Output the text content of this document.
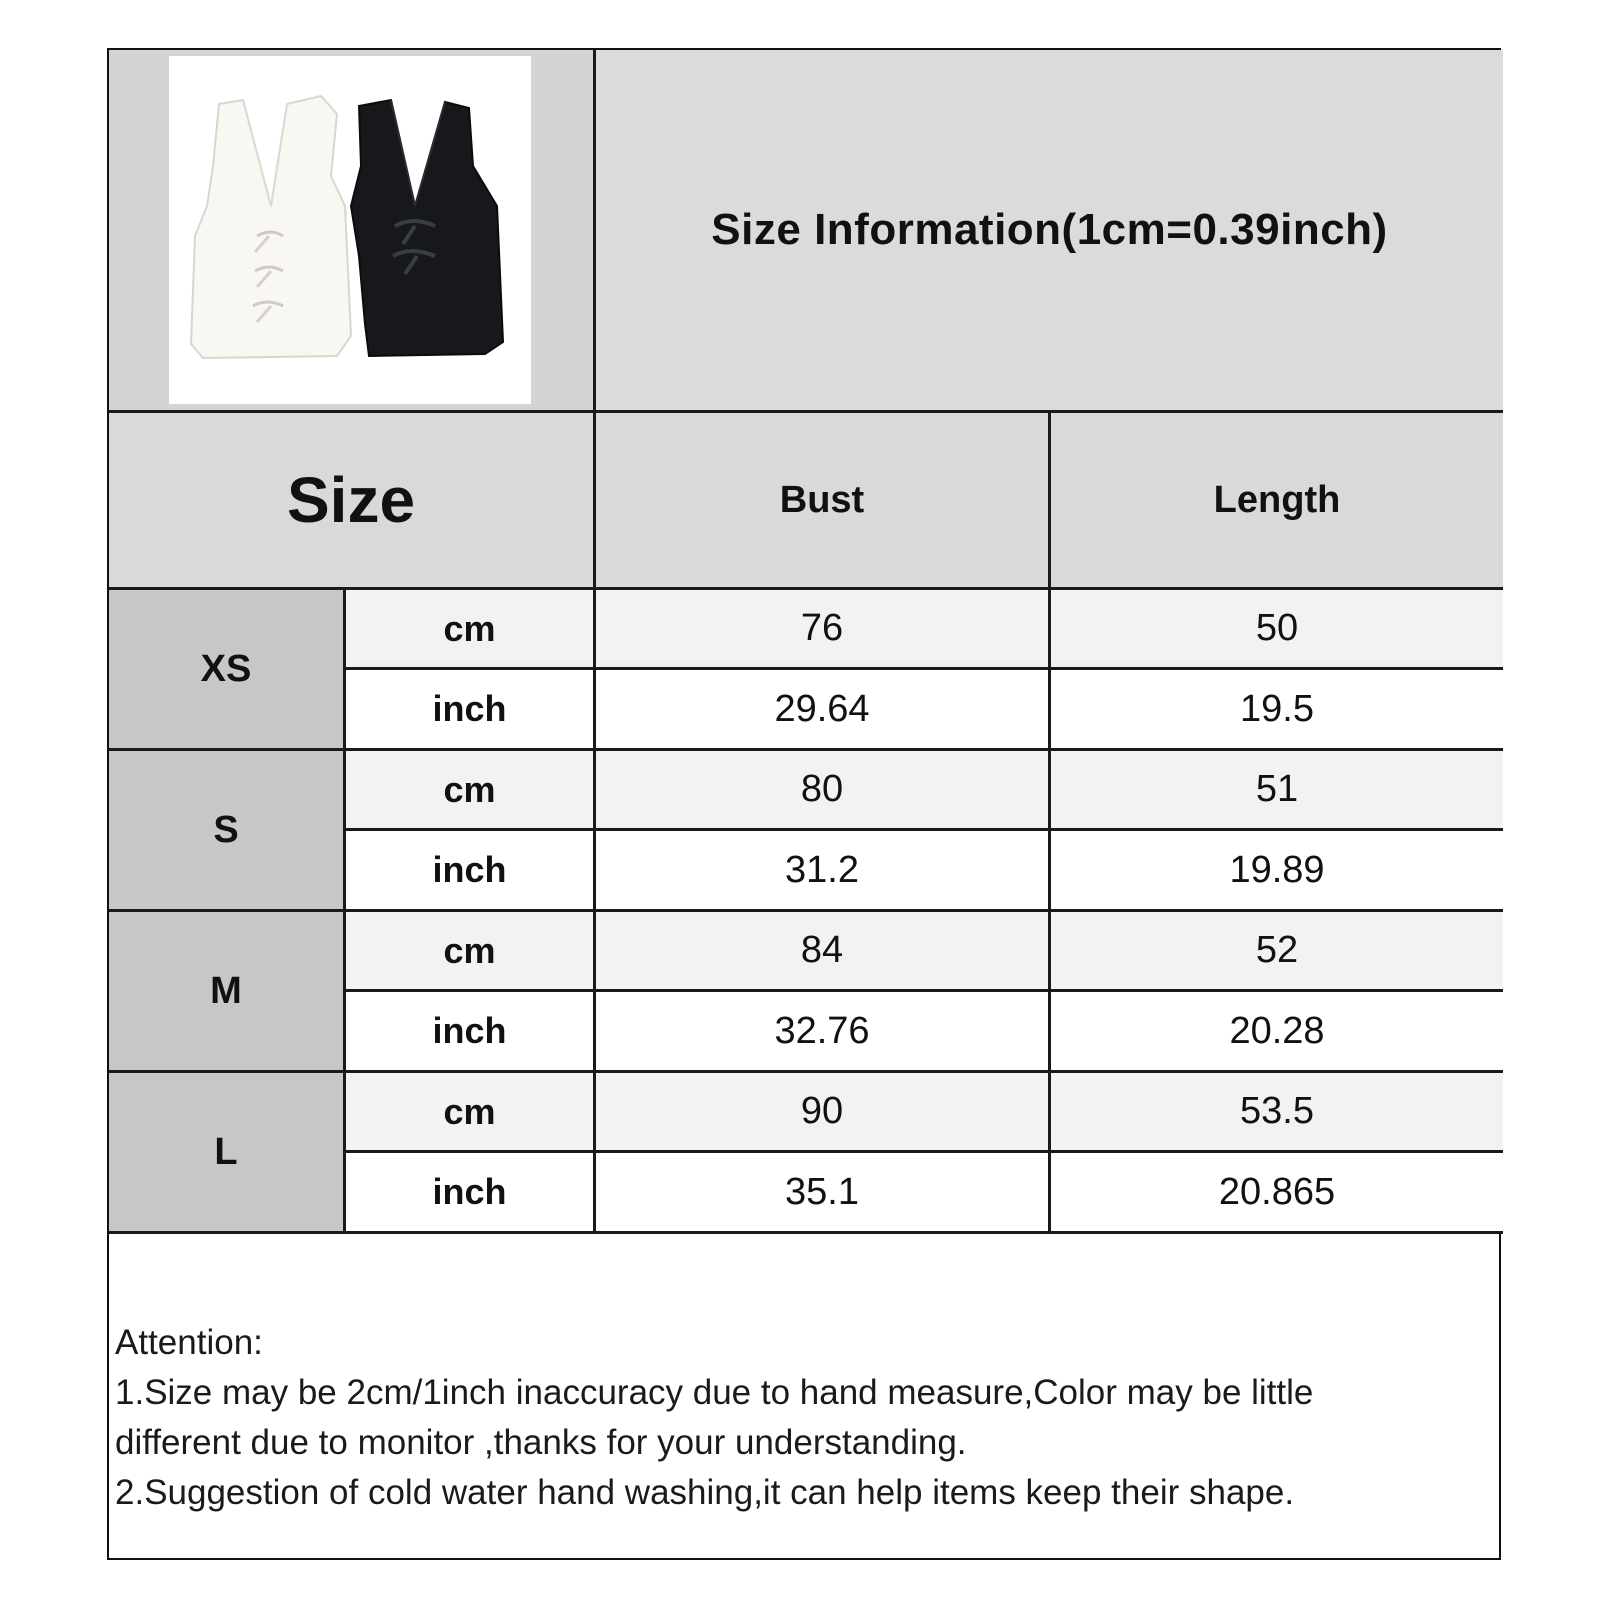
Size Information(1cm=0.39inch)
Size	Bust	Length
XS
cm	76	50
inch	29.64	19.5
S
cm	80	51
inch	31.2	19.89
M
cm	84	52
inch	32.76	20.28
L
cm	90	53.5
inch	35.1	20.865
Attention:
1.Size may be 2cm/1inch inaccuracy due to hand measure,Color may be little
different due to monitor ,thanks for your understanding.
2.Suggestion of cold water hand washing,it can help items keep their shape.
